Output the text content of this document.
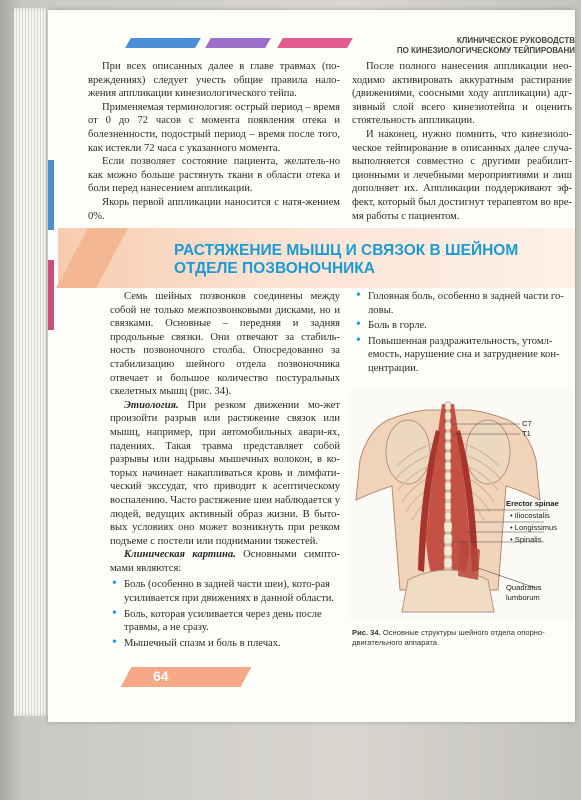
КЛИНИЧЕСКОЕ РУКОВОДСТВ
ПО КИНЕЗИОЛОГИЧЕСКОМУ ТЕЙПИРОВАНИ

При всех описанных далее в главе травмах (по-вреждениях) следует учесть общие правила нало-жения аппликации кинезиологического тейпа.

Применяемая терминология: острый период – время от 0 до 72 часов с момента появления отека и болезненности, подострый период – время после того, как истекли 72 часа с указанного момента.

Если позволяет состояние пациента, желатель-но как можно больше растянуть ткани в области отека и боли перед нанесением аппликации.

Якорь первой аппликации наносится с натя-жением 0%.

После полного нанесения аппликации нео-ходимо активировать аккуратным растирание (движениями, соосными ходу аппликации) адг-зивный слой всего кинезиотейпа и оценить стоятельность аппликации.

И наконец, нужно помнить, что кинезиоло-ческое тейпирование в описанных далее случа-выполняется совместно с другими реабилит-ционными и лечебными мероприятиями и лиш дополняет их. Аппликации поддерживают эф-фект, который был достигнут терапевтом во вре-мя работы с пациентом.

РАСТЯЖЕНИЕ МЫШЦ И СВЯЗОК В ШЕЙНОМ
ОТДЕЛЕ ПОЗВОНОЧНИКА

Семь шейных позвонков соединены между собой не только межпозвонковыми дисками, но и связками. Основные – передняя и задняя продольные связки. Они отвечают за стабиль-ность позвоночного столба. Опосредованно за стабилизацию шейного отдела позвоночника отвечает и большое количество постуральных скелетных мышц (рис. 34).

Этиология. При резком движении мо-жет произойти разрыв или растяжение связок или мышц, например, при автомобильных авари-ях, падениях. Такая травма представляет собой разрывы или надрывы мышечных волокон, в ко-торых начинает накапливаться кровь и лимфати-ческий экссудат, что приводит к асептическому воспалению. Часто растяжение шеи наблюдается у людей, ведущих активный образ жизни. В быто-вых условиях оно может возникнуть при резком подъеме с постели или поднимании тяжестей.

Клиническая картина. Основными симпто-мами являются:

• Боль (особенно в задней части шеи), кото-рая усиливается при движениях в данной области.
• Боль, которая усиливается через день после травмы, а не сразу.
• Мышечный спазм и боль в плечах.
• Головная боль, особенно в задней части го-ловы.
• Боль в горле.
• Повышенная раздражительность, утомл-емость, нарушение сна и затруднение кон-центрации.
C7
T1
Erector spinae
• Iliocostalis
• Longissimus
• Spinalis
Quadratus
lumborum
Рис. 34. Основные структуры шейного отдела опорно-двигательного аппарата.
64
